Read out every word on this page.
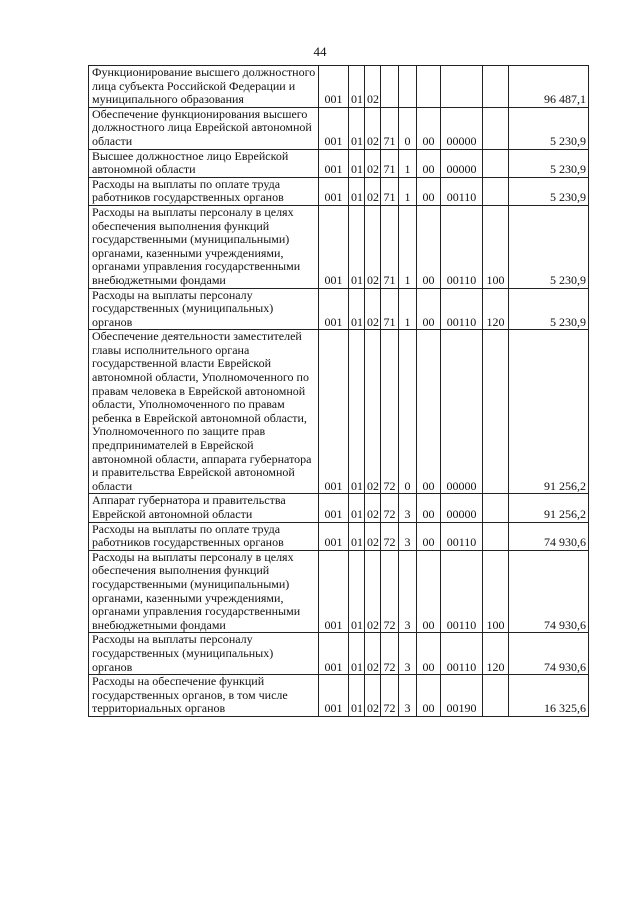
44
Функционирование высшего должностного лица субъекта Российской Федерации и муниципального образования	001	01	02						96 487,1
Обеспечение функционирования высшего должностного лица Еврейской автономной области	001	01	02	71	0	00	00000		5 230,9
Высшее должностное лицо Еврейской автономной области	001	01	02	71	1	00	00000		5 230,9
Расходы на выплаты по оплате труда работников государственных органов	001	01	02	71	1	00	00110		5 230,9
Расходы на выплаты персоналу в целях обеспечения выполнения функций государственными (муниципальными) органами, казенными учреждениями, органами управления государственными внебюджетными фондами	001	01	02	71	1	00	00110	100	5 230,9
Расходы на выплаты персоналу государственных (муниципальных) органов	001	01	02	71	1	00	00110	120	5 230,9
Обеспечение деятельности заместителей главы исполнительного органа государственной власти Еврейской автономной области, Уполномоченного по правам человека в Еврейской автономной области, Уполномоченного по правам ребенка в Еврейской автономной области, Уполномоченного по защите прав предпринимателей в Еврейской автономной области, аппарата губернатора и правительства Еврейской автономной области	001	01	02	72	0	00	00000		91 256,2
Аппарат губернатора и правительства Еврейской автономной области	001	01	02	72	3	00	00000		91 256,2
Расходы на выплаты по оплате труда работников государственных органов	001	01	02	72	3	00	00110		74 930,6
Расходы на выплаты персоналу в целях обеспечения выполнения функций государственными (муниципальными) органами, казенными учреждениями, органами управления государственными внебюджетными фондами	001	01	02	72	3	00	00110	100	74 930,6
Расходы на выплаты персоналу государственных (муниципальных) органов	001	01	02	72	3	00	00110	120	74 930,6
Расходы на обеспечение функций государственных органов, в том числе территориальных органов	001	01	02	72	3	00	00190		16 325,6
